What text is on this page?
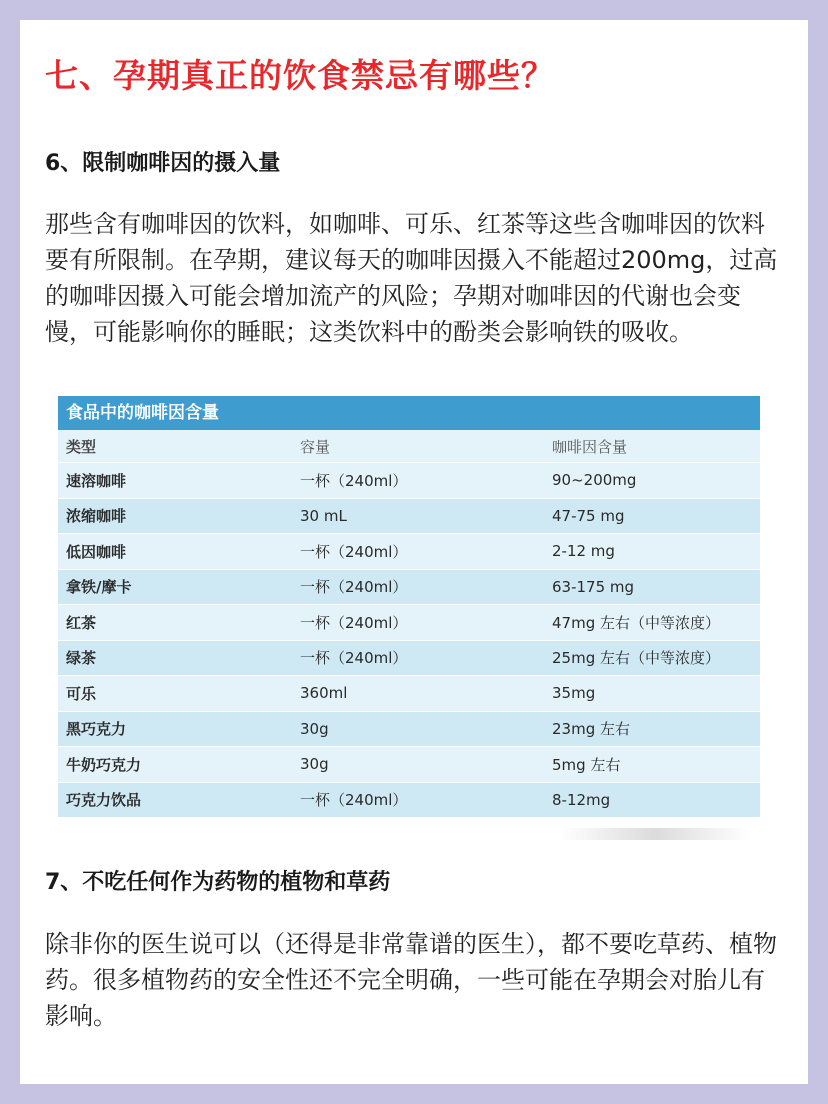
七、孕期真正的饮食禁忌有哪些？
6、限制咖啡因的摄入量

那些含有咖啡因的饮料，如咖啡、可乐、红茶等这些含咖啡因的饮料要有所限制。在孕期，建议每天的咖啡因摄入不能超过200mg，过高的咖啡因摄入可能会增加流产的风险；孕期对咖啡因的代谢也会变慢，可能影响你的睡眠；这类饮料中的酚类会影响铁的吸收。

食品中的咖啡因含量
类型	容量	咖啡因含量
速溶咖啡	一杯（240ml）	90~200mg
浓缩咖啡	30 mL	47-75 mg
低因咖啡	一杯（240ml）	2-12 mg
拿铁/摩卡	一杯（240ml）	63-175 mg
红茶	一杯（240ml）	47mg 左右（中等浓度）
绿茶	一杯（240ml）	25mg 左右（中等浓度）
可乐	360ml	35mg
黑巧克力	30g	23mg 左右
牛奶巧克力	30g	5mg 左右
巧克力饮品	一杯（240ml）	8-12mg
7、不吃任何作为药物的植物和草药

除非你的医生说可以（还得是非常靠谱的医生），都不要吃草药、植物药。很多植物药的安全性还不完全明确，一些可能在孕期会对胎儿有影响。
